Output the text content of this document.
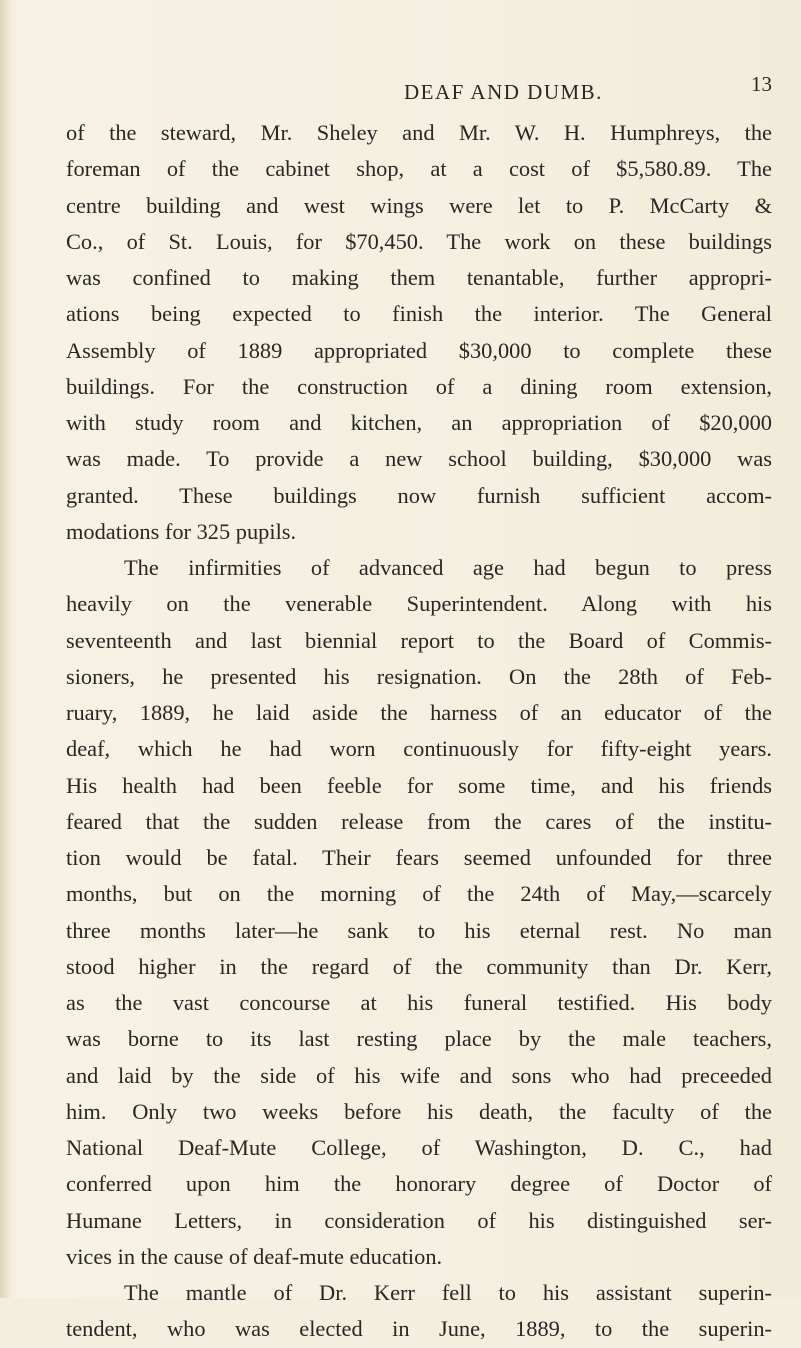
DEAF AND DUMB.	13
of the steward, Mr. Sheley and Mr. W. H. Humphreys, the
foreman of the cabinet shop, at a cost of $5,580.89. The
centre building and west wings were let to P. McCarty &
Co., of St. Louis, for $70,450. The work on these buildings
was confined to making them tenantable, further appropri-
ations being expected to finish the interior. The General
Assembly of 1889 appropriated $30,000 to complete these
buildings. For the construction of a dining room extension,
with study room and kitchen, an appropriation of $20,000
was made. To provide a new school building, $30,000 was
granted. These buildings now furnish sufficient accom-
modations for 325 pupils.
The infirmities of advanced age had begun to press
heavily on the venerable Superintendent. Along with his
seventeenth and last biennial report to the Board of Commis-
sioners, he presented his resignation. On the 28th of Feb-
ruary, 1889, he laid aside the harness of an educator of the
deaf, which he had worn continuously for fifty-eight years.
His health had been feeble for some time, and his friends
feared that the sudden release from the cares of the institu-
tion would be fatal. Their fears seemed unfounded for three
months, but on the morning of the 24th of May,—scarcely
three months later—he sank to his eternal rest. No man
stood higher in the regard of the community than Dr. Kerr,
as the vast concourse at his funeral testified. His body
was borne to its last resting place by the male teachers,
and laid by the side of his wife and sons who had preceeded
him. Only two weeks before his death, the faculty of the
National Deaf-Mute College, of Washington, D. C., had
conferred upon him the honorary degree of Doctor of
Humane Letters, in consideration of his distinguished ser-
vices in the cause of deaf-mute education.
The mantle of Dr. Kerr fell to his assistant superin-
tendent, who was elected in June, 1889, to the superin-
